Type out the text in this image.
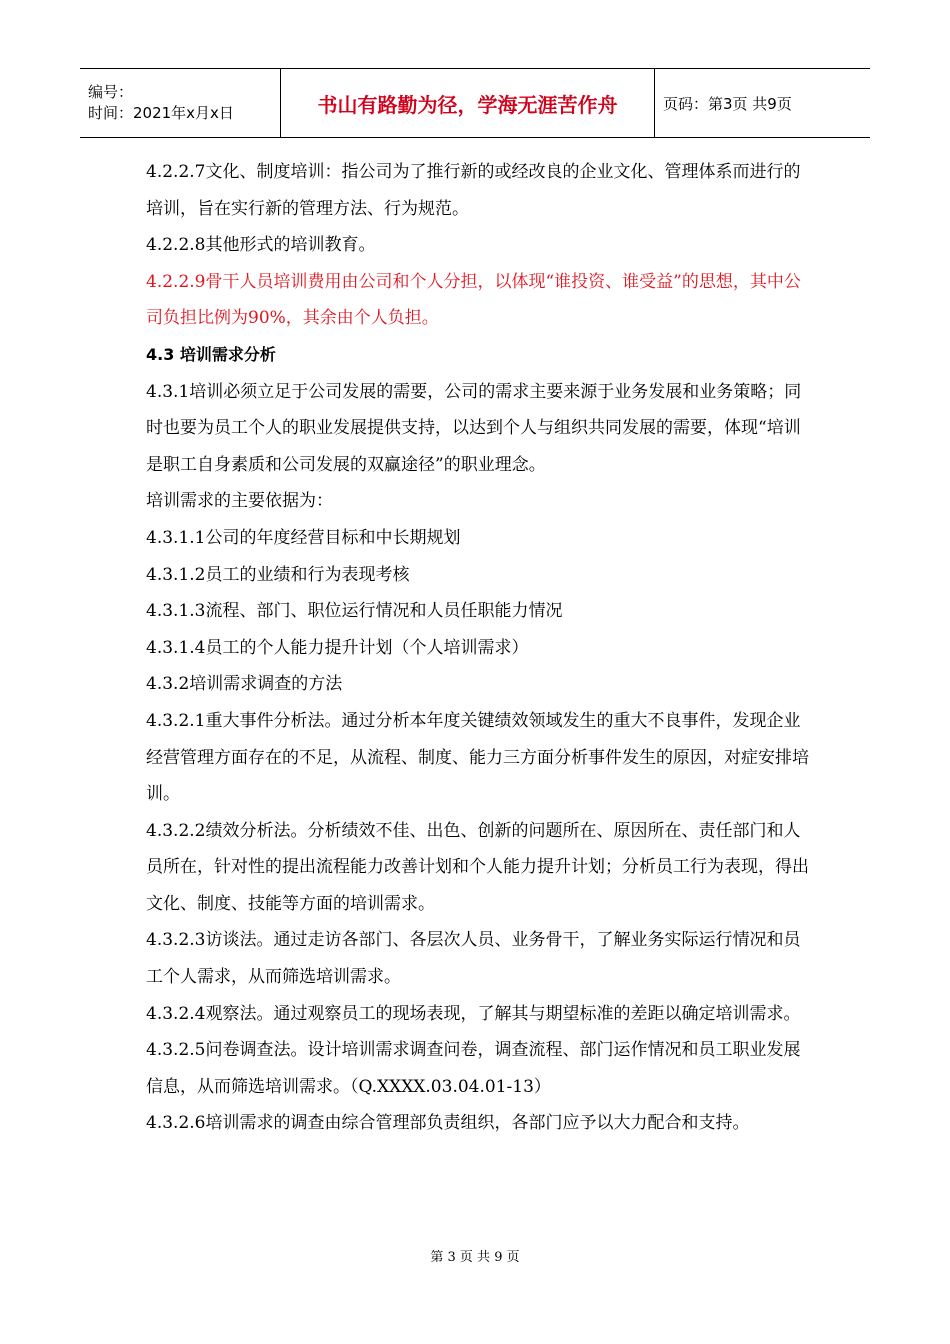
编号：
时间：2021年x月x日	书山有路勤为径，学海无涯苦作舟	页码：第3页 共9页

4.2.2.7文化、制度培训：指公司为了推行新的或经改良的企业文化、管理体系而进行的培训，旨在实行新的管理方法、行为规范。

4.2.2.8其他形式的培训教育。

4.2.2.9骨干人员培训费用由公司和个人分担，以体现“谁投资、谁受益”的思想，其中公司负担比例为90%，其余由个人负担。

4.3 培训需求分析

4.3.1培训必须立足于公司发展的需要，公司的需求主要来源于业务发展和业务策略；同时也要为员工个人的职业发展提供支持，以达到个人与组织共同发展的需要，体现“培训是职工自身素质和公司发展的双赢途径”的职业理念。

培训需求的主要依据为：

4.3.1.1公司的年度经营目标和中长期规划

4.3.1.2员工的业绩和行为表现考核

4.3.1.3流程、部门、职位运行情况和人员任职能力情况

4.3.1.4员工的个人能力提升计划（个人培训需求）

4.3.2培训需求调查的方法

4.3.2.1重大事件分析法。通过分析本年度关键绩效领域发生的重大不良事件，发现企业经营管理方面存在的不足，从流程、制度、能力三方面分析事件发生的原因，对症安排培训。

4.3.2.2绩效分析法。分析绩效不佳、出色、创新的问题所在、原因所在、责任部门和人员所在，针对性的提出流程能力改善计划和个人能力提升计划；分析员工行为表现，得出文化、制度、技能等方面的培训需求。

4.3.2.3访谈法。通过走访各部门、各层次人员、业务骨干，了解业务实际运行情况和员工个人需求，从而筛选培训需求。

4.3.2.4观察法。通过观察员工的现场表现，了解其与期望标准的差距以确定培训需求。

4.3.2.5问卷调查法。设计培训需求调查问卷，调查流程、部门运作情况和员工职业发展信息，从而筛选培训需求。（Q.XXXX.03.04.01-13）

4.3.2.6培训需求的调查由综合管理部负责组织，各部门应予以大力配合和支持。

第 3 页 共 9 页
